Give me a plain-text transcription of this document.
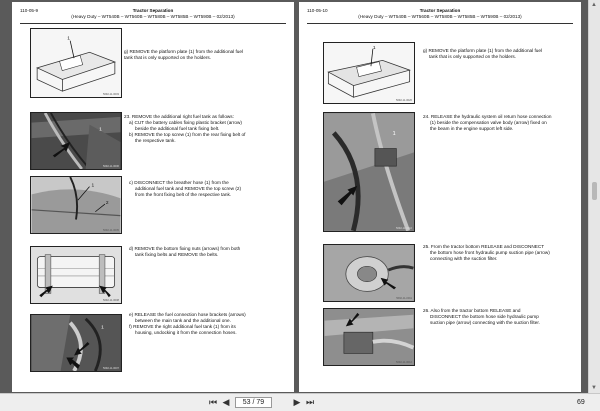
110-05-9	Tractor Separation
(Heavy Duty – WT540B – WT560B – WT580B – WT585B – WT590B – 02/2013)
1
5692-11-0003
g) REMOVE the platform plate (1) from the additional fuel
tank that is only supported on the holders.
1
5692-11-0006
23. REMOVE the additional right fuel tank as follows:
a) CUT the battery cables fixing plastic bracket (arrow)
beside the additional fuel tank fixing belt.
b) REMOVE the top screw (1) from the rear fixing belt of
the respective tank.
1
2
5692-11-0005
c) DISCONNECT the breather hose (1) from the
additional fuel tank and REMOVE the top screw (2)
from the front fixing belt of the respective tank.
5692-11-0008
d) REMOVE the bottom fixing nuts (arrows) from both
tank fixing belts and REMOVE the belts.
1
5692-11-0007
e) RELEASE the fuel connection hose brackets (arrows)
between the main tank and the additional one.
f) REMOVE the right additional fuel tank (1) from its
housing, undocking it from the connection hoses.
110-05-10	Tractor Separation
(Heavy Duty – WT540B – WT560B – WT580B – WT585B – WT590B – 02/2013)
1
5692-11-0026
g) REMOVE the platform plate (1) from the additional fuel
tank that is only supported on the holders.
1
5692-11-0010
24. RELEASE the hydraulic system oil return hose connection
(1) beside the compensation valve body (arrow) fixed on
the beam in the engine support left side.
5692-11-0011
25. From the tractor bottom RELEASE and DISCONNECT
the bottom hose front hydraulic pump suction pipe (arrow)
connecting with the suction filter.
5692-11-0012
26. Also from the tractor bottom RELEASE and
DISCONNECT the bottom hose side hydraulic pump
suction pipe (arrow) connecting with the suction filter.
▲
▼
⏮ ◀	53 / 79	▶ ⏭	69
